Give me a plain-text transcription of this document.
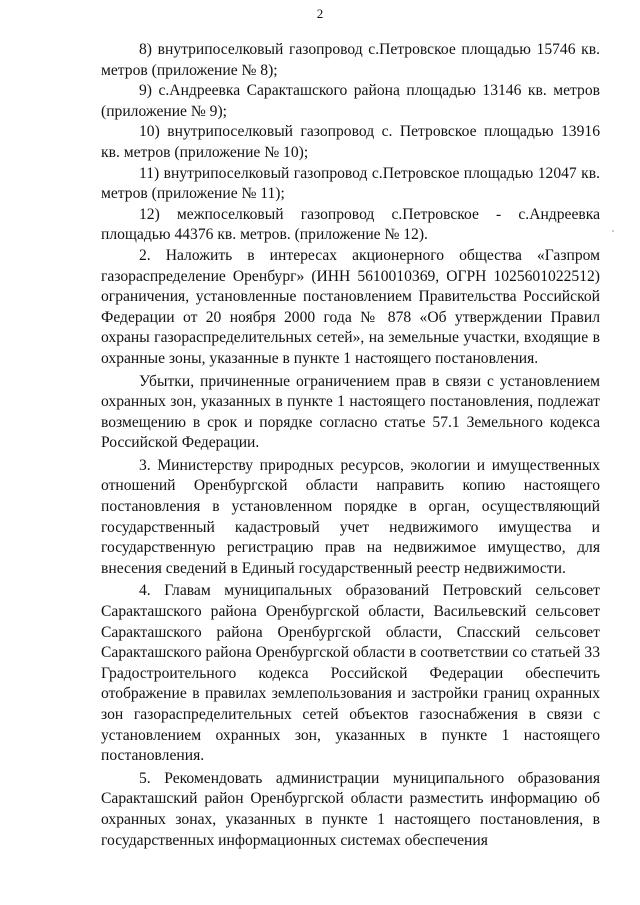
2

8) внутрипоселковый газопровод с.Петровское площадью 15746 кв. метров (приложение № 8);

9) с.Андреевка Саракташского района площадью 13146 кв. метров (приложение № 9);

10) внутрипоселковый газопровод с. Петровское площадью 13916 кв. метров (приложение № 10);

11) внутрипоселковый газопровод с.Петровское площадью 12047 кв. метров (приложение № 11);

12) межпоселковый газопровод с.Петровское - с.Андреевка площадью 44376 кв. метров. (приложение № 12).

2. Наложить в интересах акционерного общества «Газпром газораспределение Оренбург» (ИНН 5610010369, ОГРН 1025601022512) ограничения, установленные постановлением Правительства Российской Федерации от 20 ноября 2000 года № 878 «Об утверждении Правил охраны газораспределительных сетей», на земельные участки, входящие в охранные зоны, указанные в пункте 1 настоящего постановления.

Убытки, причиненные ограничением прав в связи с установлением охранных зон, указанных в пункте 1 настоящего постановления, подлежат возмещению в срок и порядке согласно статье 57.1 Земельного кодекса Российской Федерации.

3. Министерству природных ресурсов, экологии и имущественных отношений Оренбургской области направить копию настоящего постановления в установленном порядке в орган, осуществляющий государственный кадастровый учет недвижимого имущества и государственную регистрацию прав на недвижимое имущество, для внесения сведений в Единый государственный реестр недвижимости.

4. Главам муниципальных образований Петровский сельсовет Саракташского района Оренбургской области, Васильевский сельсовет Саракташского района Оренбургской области, Спасский сельсовет Саракташского района Оренбургской области в соответствии со статьей 33 Градостроительного кодекса Российской Федерации обеспечить отображение в правилах землепользования и застройки границ охранных зон газораспределительных сетей объектов газоснабжения в связи с установлением охранных зон, указанных в пункте 1 настоящего постановления.

5. Рекомендовать администрации муниципального образования Саракташский район Оренбургской области разместить информацию об охранных зонах, указанных в пункте 1 настоящего постановления, в государственных информационных системах обеспечения
